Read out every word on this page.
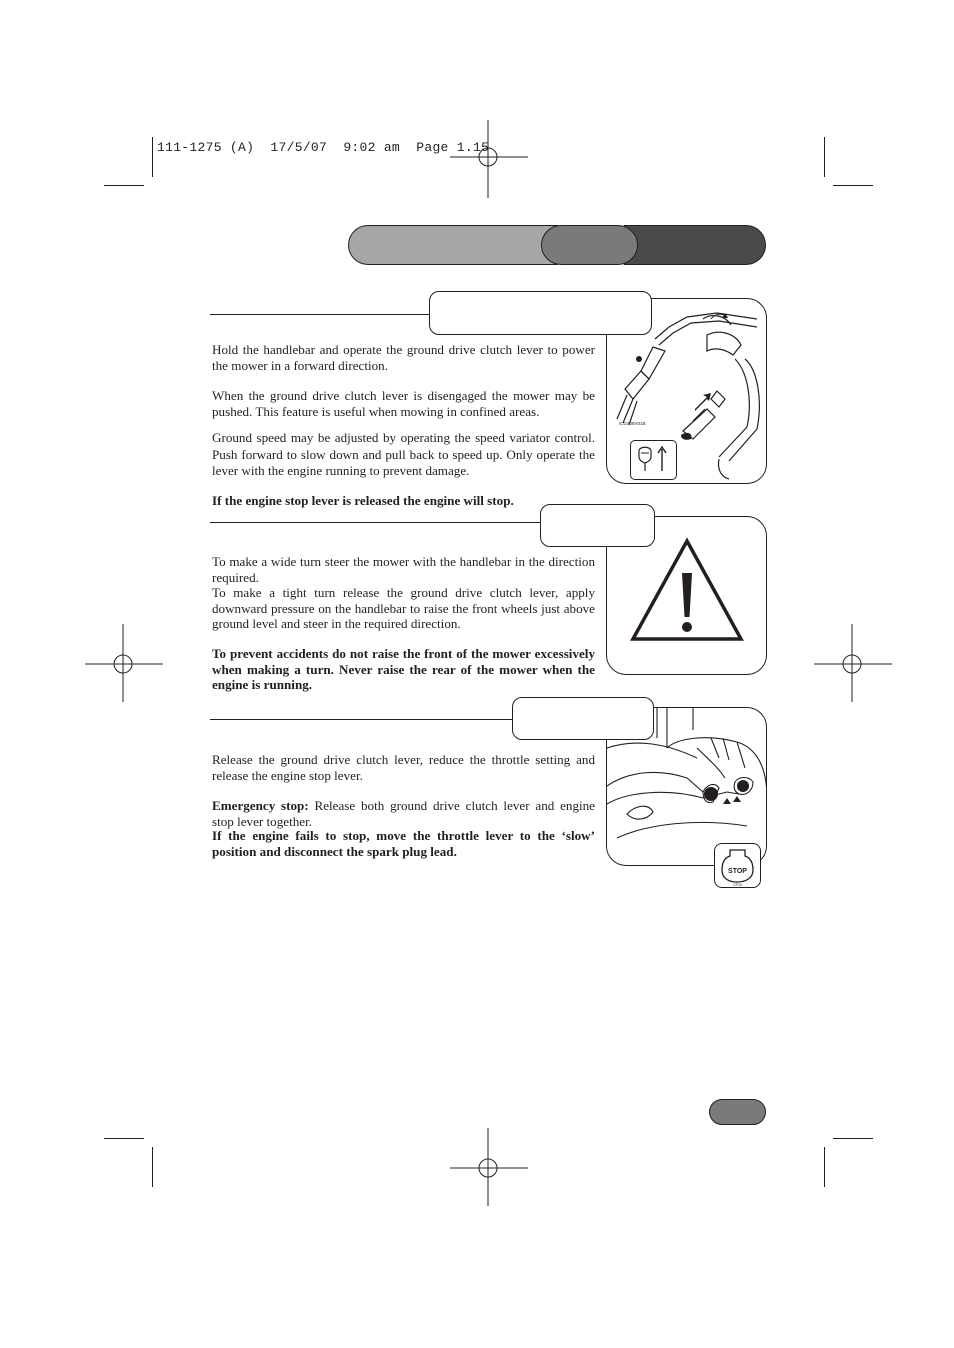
111-1275 (A)  17/5/07  9:02 am  Page 1.15
ICG408V01B

Hold the handlebar and operate the ground drive clutch lever to power the mower in a forward direction.

When the ground drive clutch lever is disengaged the mower may be pushed. This feature is useful when mowing in confined areas.

Ground speed may be adjusted by operating the speed variator control. Push forward to slow down and pull back to speed up. Only operate the lever with the engine running to prevent damage.

If the engine stop lever is released the engine will stop.

To make a wide turn steer the mower with the handlebar in the direction required.

To make a tight turn release the ground drive clutch lever, apply downward pressure on the handlebar to raise the front wheels just above ground level and steer in the required direction.

To prevent accidents do not raise the front of the mower excessively when making a turn. Never raise the rear of the mower when the engine is running.

STOP
CP15

Release the ground drive clutch lever, reduce the throttle setting and release the engine stop lever.

Emergency stop: Release both ground drive clutch lever and engine stop lever together.

If the engine fails to stop, move the throttle lever to the ‘slow’ position and disconnect the spark plug lead.
